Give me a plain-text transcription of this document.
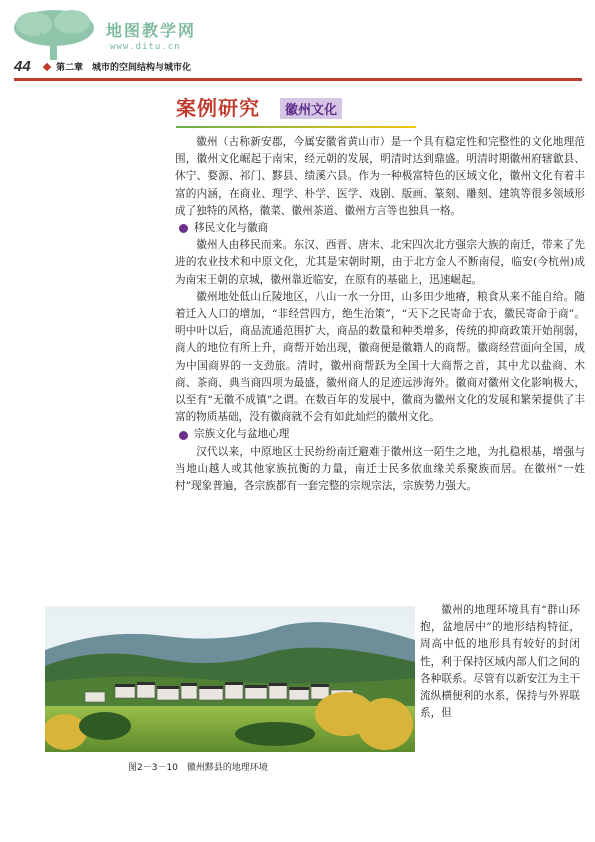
地图教学网
www.ditu.cn
44	第二章　城市的空间结构与城市化
案例研究	徽州文化

徽州（古称新安郡，今属安徽省黄山市）是一个具有稳定性和完整性的文化地理范围，徽州文化崛起于南宋，经元朝的发展，明清时达到鼎盛。明清时期徽州府辖歙县、休宁、婺源、祁门、黟县、绩溪六县。作为一种极富特色的区域文化，徽州文化有着丰富的内涵，在商业、理学、朴学、医学、戏剧、版画、篆刻、雕刻、建筑等很多领域形成了独特的风格，徽菜、徽州茶道、徽州方言等也独具一格。

移民文化与徽商

徽州人由移民而来。东汉、西晋、唐末、北宋四次北方强宗大族的南迁，带来了先进的农业技术和中原文化，尤其是宋朝时期，由于北方金人不断南侵，临安(今杭州)成为南宋王朝的京城，徽州靠近临安，在原有的基础上，迅速崛起。

徽州地处低山丘陵地区，八山一水一分田，山多田少地瘠，粮食从来不能自给。随着迁入人口的增加，“非经营四方，绝生治策”，“天下之民寄命于农，徽民寄命于商”。明中叶以后，商品流通范围扩大，商品的数量和种类增多，传统的抑商政策开始削弱，商人的地位有所上升，商帮开始出现，徽商便是徽籍人的商帮。徽商经营面向全国，成为中国商界的一支劲旅。清时，徽州商帮跃为全国十大商帮之首，其中尤以盐商、木商、茶商、典当商四项为最盛，徽州商人的足迹远涉海外。徽商对徽州文化影响极大，以至有“无徽不成镇”之谓。在数百年的发展中，徽商为徽州文化的发展和繁荣提供了丰富的物质基础，没有徽商就不会有如此灿烂的徽州文化。

宗族文化与盆地心理

汉代以来，中原地区士民纷纷南迁避难于徽州这一陌生之地，为扎稳根基，增强与当地山越人或其他家族抗衡的力量，南迁士民多依血缘关系聚族而居。在徽州“一姓村”现象普遍，各宗族都有一套完整的宗规宗法，宗族势力强大。

图2－3－10　徽州黟县的地理环境

徽州的地理环境具有“群山环抱，盆地居中”的地形结构特征，周高中低的地形具有较好的封闭性，利于保持区域内部人们之间的各种联系。尽管有以新安江为主干流纵横便利的水系，保持与外界联系，但
